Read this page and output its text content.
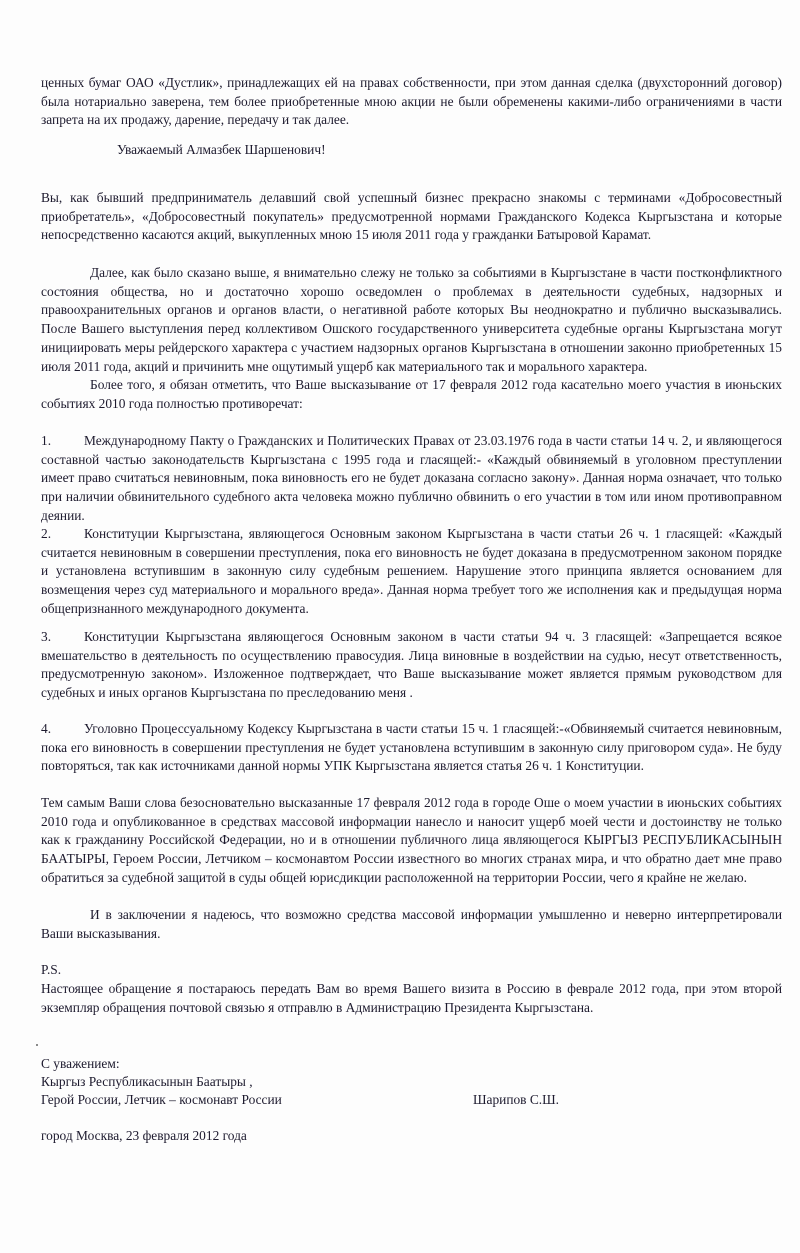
ценных бумаг ОАО «Дустлик», принадлежащих ей на правах собственности, при этом данная сделка (двухсторонний договор) была нотариально заверена, тем более приобретенные мною акции не были обременены какими-либо ограничениями в части запрета на их продажу, дарение, передачу и так далее.

Уважаемый Алмазбек Шаршенович!

Вы, как бывший предприниматель делавший свой успешный бизнес прекрасно знакомы с терминами «Добросовестный приобретатель», «Добросовестный покупатель» предусмотренной нормами Гражданского Кодекса Кыргызстана и которые непосредственно касаются акций, выкупленных мною 15 июля 2011 года у гражданки Батыровой Карамат.

Далее, как было сказано выше, я внимательно слежу не только за событиями в Кыргызстане в части постконфликтного состояния общества, но и достаточно хорошо осведомлен о проблемах в деятельности судебных, надзорных и правоохранительных органов и органов власти, о негативной работе которых Вы неоднократно и публично высказывались. После Вашего выступления перед коллективом Ошского государственного университета судебные органы Кыргызстана могут инициировать меры рейдерского характера с участием надзорных органов Кыргызстана в отношении законно приобретенных 15 июля 2011 года, акций и причинить мне ощутимый ущерб как материального так и морального характера.

Более того, я обязан отметить, что Ваше высказывание от 17 февраля 2012 года касательно моего участия в июньских событиях 2010 года полностью противоречат:

1. Международному Пакту о Гражданских и Политических Правах от 23.03.1976 года в части статьи 14 ч. 2, и являющегося составной частью законодательств Кыргызстана с 1995 года и гласящей:- «Каждый обвиняемый в уголовном преступлении имеет право считаться невиновным, пока виновность его не будет доказана согласно закону». Данная норма означает, что только при наличии обвинительного судебного акта человека можно публично обвинить о его участии в том или ином противоправном деянии.

2. Конституции Кыргызстана, являющегося Основным законом Кыргызстана в части статьи 26 ч. 1 гласящей: «Каждый считается невиновным в совершении преступления, пока его виновность не будет доказана в предусмотренном законом порядке и установлена вступившим в законную силу судебным решением. Нарушение этого принципа является основанием для возмещения через суд материального и морального вреда». Данная норма требует того же исполнения как и предыдущая норма общепризнанного международного документа.

3. Конституции Кыргызстана являющегося Основным законом в части статьи 94 ч. 3 гласящей: «Запрещается всякое вмешательство в деятельность по осуществлению правосудия. Лица виновные в воздействии на судью, несут ответственность, предусмотренную законом». Изложенное подтверждает, что Ваше высказывание может является прямым руководством для судебных и иных органов Кыргызстана по преследованию меня .

4. Уголовно Процессуальному Кодексу Кыргызстана в части статьи 15 ч. 1 гласящей:-«Обвиняемый считается невиновным, пока его виновность в совершении преступления не будет установлена вступившим в законную силу приговором суда». Не буду повторяться, так как источниками данной нормы УПК Кыргызстана является статья 26 ч. 1 Конституции.

Тем самым Ваши слова безосновательно высказанные 17 февраля 2012 года в городе Оше о моем участии в июньских событиях 2010 года и опубликованное в средствах массовой информации нанесло и наносит ущерб моей чести и достоинству не только как к гражданину Российской Федерации, но и в отношении публичного лица являющегося КЫРГЫЗ РЕСПУБЛИКАСЫНЫН БААТЫРЫ, Героем России, Летчиком – космонавтом России известного во многих странах мира, и что обратно дает мне право обратиться за судебной защитой в суды общей юрисдикции расположенной на территории России, чего я крайне не желаю.

И в заключении я надеюсь, что возможно средства массовой информации умышленно и неверно интерпретировали Ваши высказывания.

P.S.

Настоящее обращение я постараюсь передать Вам во время Вашего визита в Россию в феврале 2012 года, при этом второй экземпляр обращения почтовой связью я отправлю в Администрацию Президента Кыргызстана.

С уважением:

Кыргыз Республикасынын Баатыры ,

Герой России, Летчик – космонавт России	Шарипов С.Ш.

город Москва, 23 февраля 2012 года
